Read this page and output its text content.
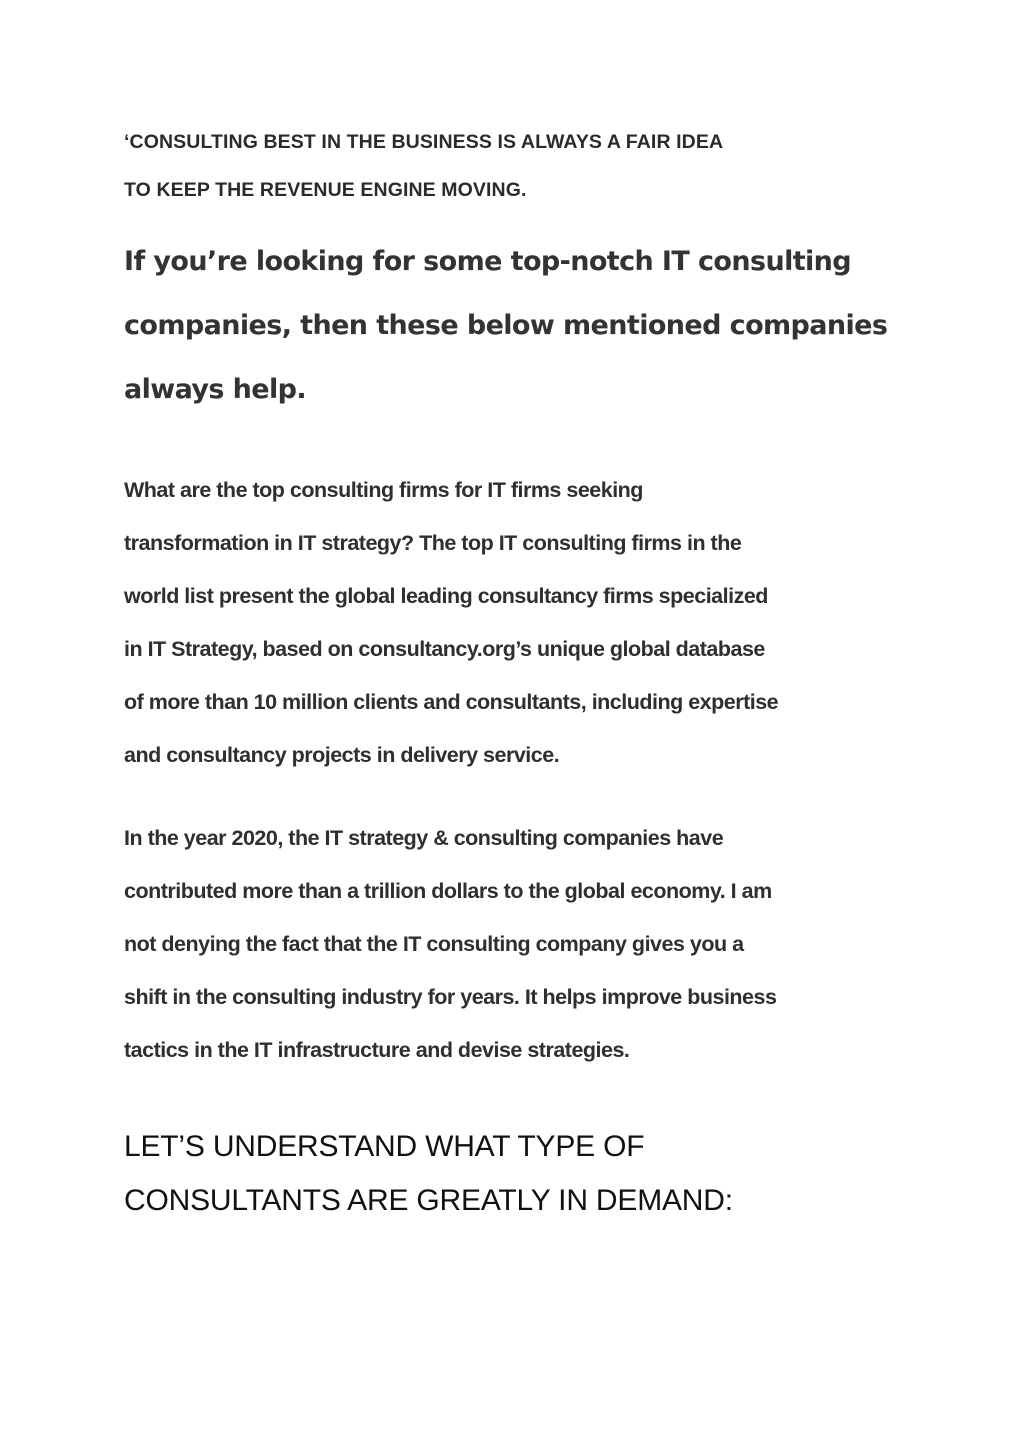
‘CONSULTING BEST IN THE BUSINESS IS ALWAYS A FAIR IDEA
TO KEEP THE REVENUE ENGINE MOVING.
If you’re looking for some top-notch IT consulting
companies, then these below mentioned companies
always help.
What are the top consulting firms for IT firms seeking
transformation in IT strategy? The top IT consulting firms in the
world list present the global leading consultancy firms specialized
in IT Strategy, based on consultancy.org’s unique global database
of more than 10 million clients and consultants, including expertise
and consultancy projects in delivery service.
In the year 2020, the IT strategy & consulting companies have
contributed more than a trillion dollars to the global economy. I am
not denying the fact that the IT consulting company gives you a
shift in the consulting industry for years. It helps improve business
tactics in the IT infrastructure and devise strategies.
LET’S UNDERSTAND WHAT TYPE OF
CONSULTANTS ARE GREATLY IN DEMAND:
